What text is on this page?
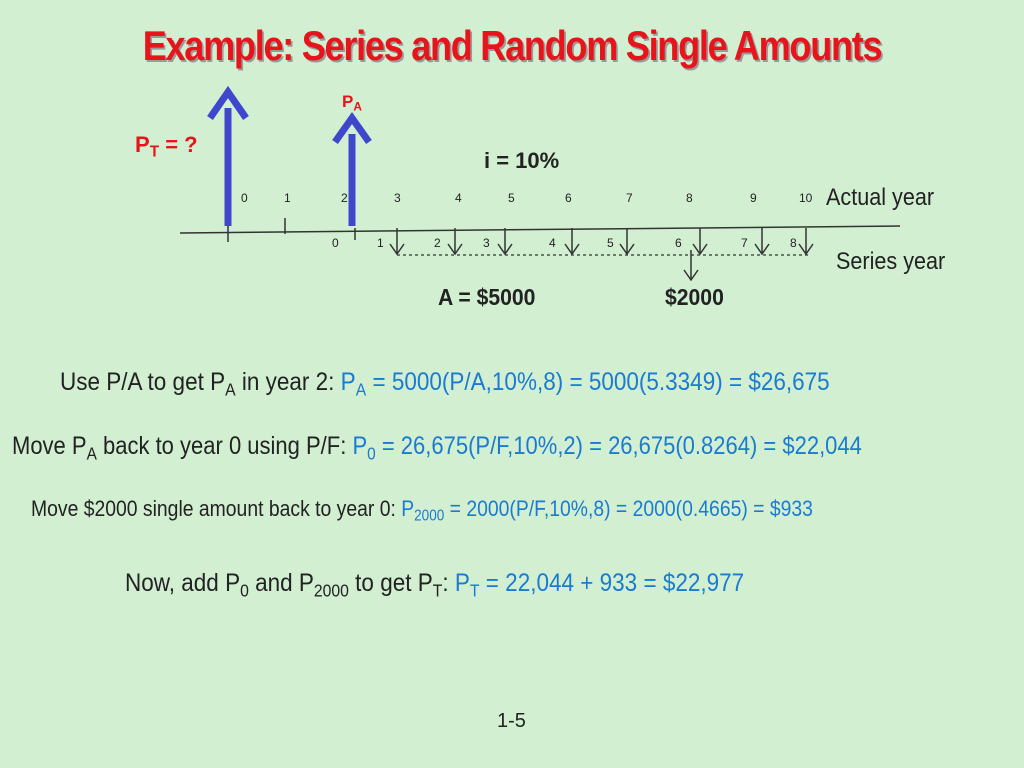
Example: Series and Random Single Amounts
$P_A$
$P_T$ = ?
i = 10%
0	1	2	3	4	5	6	7	8	9	10 Actual year
0	1	2	3	4	5	6	7	8
Series year
A = $5000	$2000
Use P/A to get $P_A$ in year 2: $P_A = 5000(P/A,10\%,8) = 5000(5.3349)$ = $26,675
Move $P_A$ back to year 0 using P/F: $P_0 = 26,675(P/F,10\%,2) = 26,675(0.8264)$ = $22,044
Move $2000 single amount back to year 0: $P_{2000} = 2000(P/F,10\%,8) = 2000(0.4665)$ = $933
Now, add $P_0$ and $P_{2000}$ to get $P_T$: $P_T = 22,044 + 933$ = $22,977
1-5
